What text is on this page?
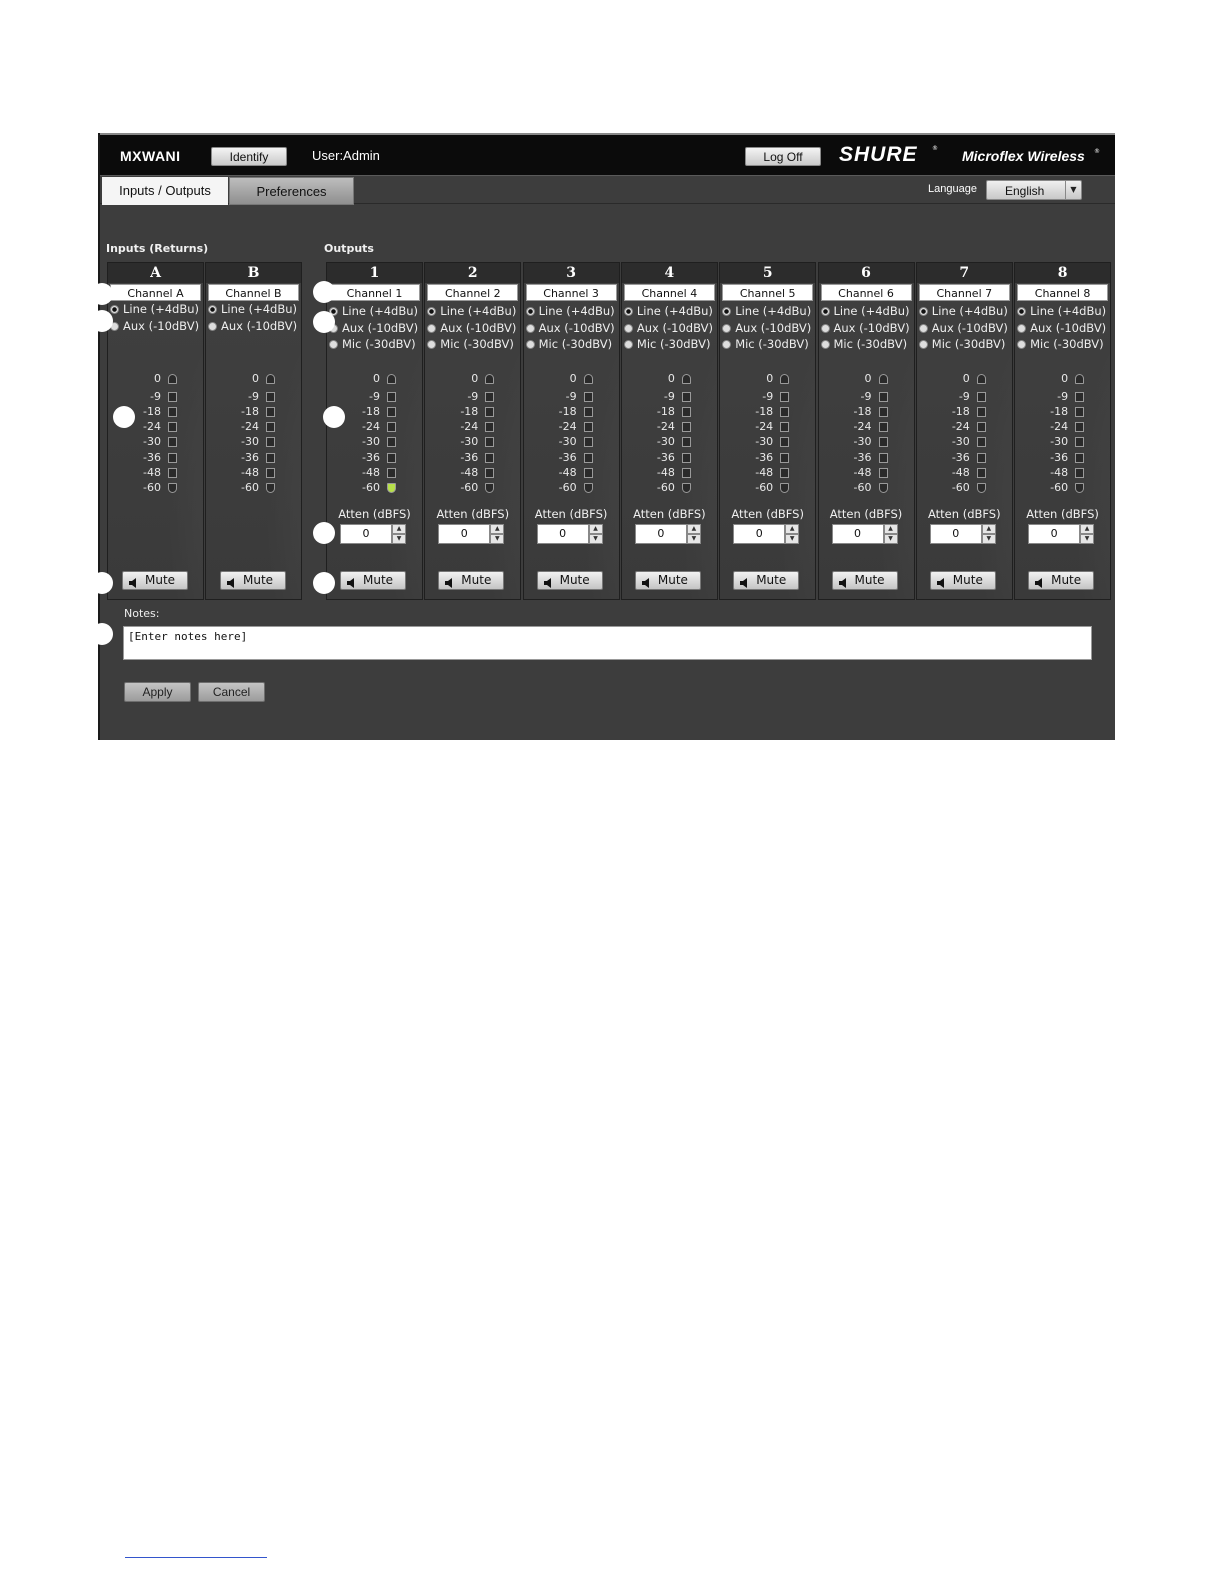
MXWANI	Identify	User:Admin	Log Off	SHURE ® Microflex Wireless ®
Inputs / Outputs	Preferences	Language English	▼
Inputs (Returns)	Outputs
A
Channel A
Line (+4dBu)
Aux (-10dBV)
0
-9
-18
-24
-30
-36
-48
-60
Mute
B
Channel B
Line (+4dBu)
Aux (-10dBV)
0
-9
-18
-24
-30
-36
-48
-60
Mute
1
Channel 1
Line (+4dBu)
Aux (-10dBV)
Mic (-30dBV)
0
-9
-18
-24
-30
-36
-48
-60
Atten (dBFS)
0	▲
▼
Mute
2
Channel 2
Line (+4dBu)
Aux (-10dBV)
Mic (-30dBV)
0
-9
-18
-24
-30
-36
-48
-60
Atten (dBFS)
0	▲
▼
Mute
3
Channel 3
Line (+4dBu)
Aux (-10dBV)
Mic (-30dBV)
0
-9
-18
-24
-30
-36
-48
-60
Atten (dBFS)
0	▲
▼
Mute
4
Channel 4
Line (+4dBu)
Aux (-10dBV)
Mic (-30dBV)
0
-9
-18
-24
-30
-36
-48
-60
Atten (dBFS)
0	▲
▼
Mute
5
Channel 5
Line (+4dBu)
Aux (-10dBV)
Mic (-30dBV)
0
-9
-18
-24
-30
-36
-48
-60
Atten (dBFS)
0	▲
▼
Mute
6
Channel 6
Line (+4dBu)
Aux (-10dBV)
Mic (-30dBV)
0
-9
-18
-24
-30
-36
-48
-60
Atten (dBFS)
0	▲
▼
Mute
7
Channel 7
Line (+4dBu)
Aux (-10dBV)
Mic (-30dBV)
0
-9
-18
-24
-30
-36
-48
-60
Atten (dBFS)
0	▲
▼
Mute
8
Channel 8
Line (+4dBu)
Aux (-10dBV)
Mic (-30dBV)
0
-9
-18
-24
-30
-36
-48
-60
Atten (dBFS)
0	▲
▼
Mute
Notes:
[Enter notes here]
Apply	Cancel
